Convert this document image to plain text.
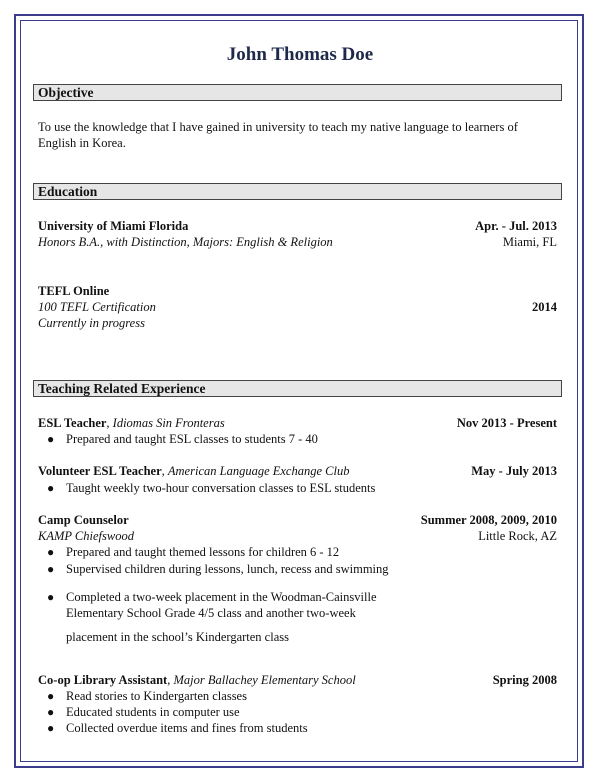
John Thomas Doe
Objective
To use the knowledge that I have gained in university to teach my native language to learners of
English in Korea.
Education
University of Miami Florida	Apr. - Jul. 2013
Honors B.A., with Distinction, Majors: English & Religion	Miami, FL
TEFL Online
100 TEFL Certification	2014
Currently in progress
Teaching Related Experience
ESL Teacher, Idiomas Sin Fronteras	Nov 2013 - Present
● Prepared and taught ESL classes to students 7 - 40
Volunteer ESL Teacher, American Language Exchange Club	May - July 2013
● Taught weekly two-hour conversation classes to ESL students
Camp Counselor	Summer 2008, 2009, 2010
KAMP Chiefswood	Little Rock, AZ
● Prepared and taught themed lessons for children 6 - 12
● Supervised children during lessons, lunch, recess and swimming
● Completed a two-week placement in the Woodman-Cainsville
Elementary School Grade 4/5 class and another two-week
placement in the school’s Kindergarten class
Co-op Library Assistant, Major Ballachey Elementary School	Spring 2008
● Read stories to Kindergarten classes
● Educated students in computer use
● Collected overdue items and fines from students
